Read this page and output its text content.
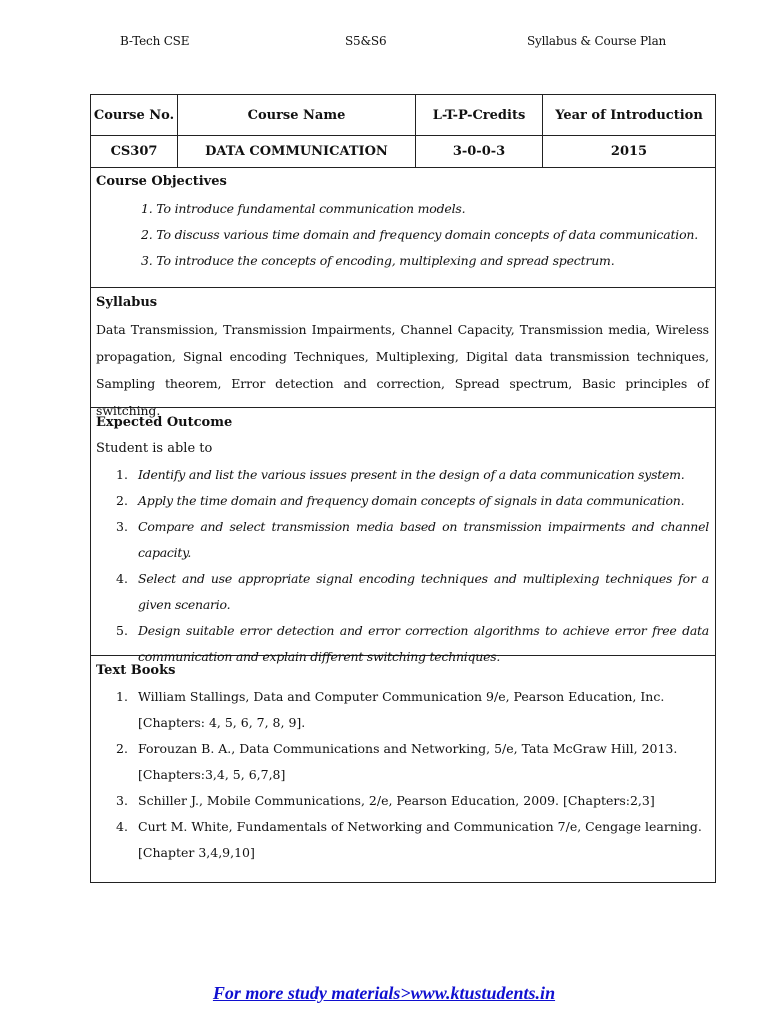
B-Tech CSE	S5&S6	Syllabus & Course Plan
Course No.	Course Name	L-T-P-Credits	Year of Introduction
CS307	DATA COMMUNICATION	3-0-0-3	2015
Course Objectives
1. To introduce fundamental communication models.
2. To discuss various time domain and frequency domain concepts of data communication.
3. To introduce the concepts of encoding, multiplexing and spread spectrum.
Syllabus
Data Transmission, Transmission Impairments, Channel Capacity, Transmission media, Wireless propagation, Signal encoding Techniques, Multiplexing, Digital data transmission techniques, Sampling theorem, Error detection and correction, Spread spectrum, Basic principles of switching.
Expected Outcome
Student is able to
1. Identify and list the various issues present in the design of a data communication system.
2. Apply the time domain and frequency domain concepts of signals in data communication.
3. Compare and select transmission media based on transmission impairments and channel capacity.
4. Select and use appropriate signal encoding techniques and multiplexing techniques for a given scenario.
5. Design suitable error detection and error correction algorithms to achieve error free data communication and explain different switching techniques.
Text Books
1. William Stallings, Data and Computer Communication 9/e, Pearson Education, Inc.
[Chapters: 4, 5, 6, 7, 8, 9].
2. Forouzan B. A., Data Communications and Networking, 5/e, Tata McGraw Hill, 2013.
[Chapters:3,4, 5, 6,7,8]
3. Schiller J., Mobile Communications, 2/e, Pearson Education, 2009. [Chapters:2,3]
4. Curt M. White, Fundamentals of Networking and Communication 7/e, Cengage learning.
[Chapter 3,4,9,10]
For more study materials>www.ktustudents.in
